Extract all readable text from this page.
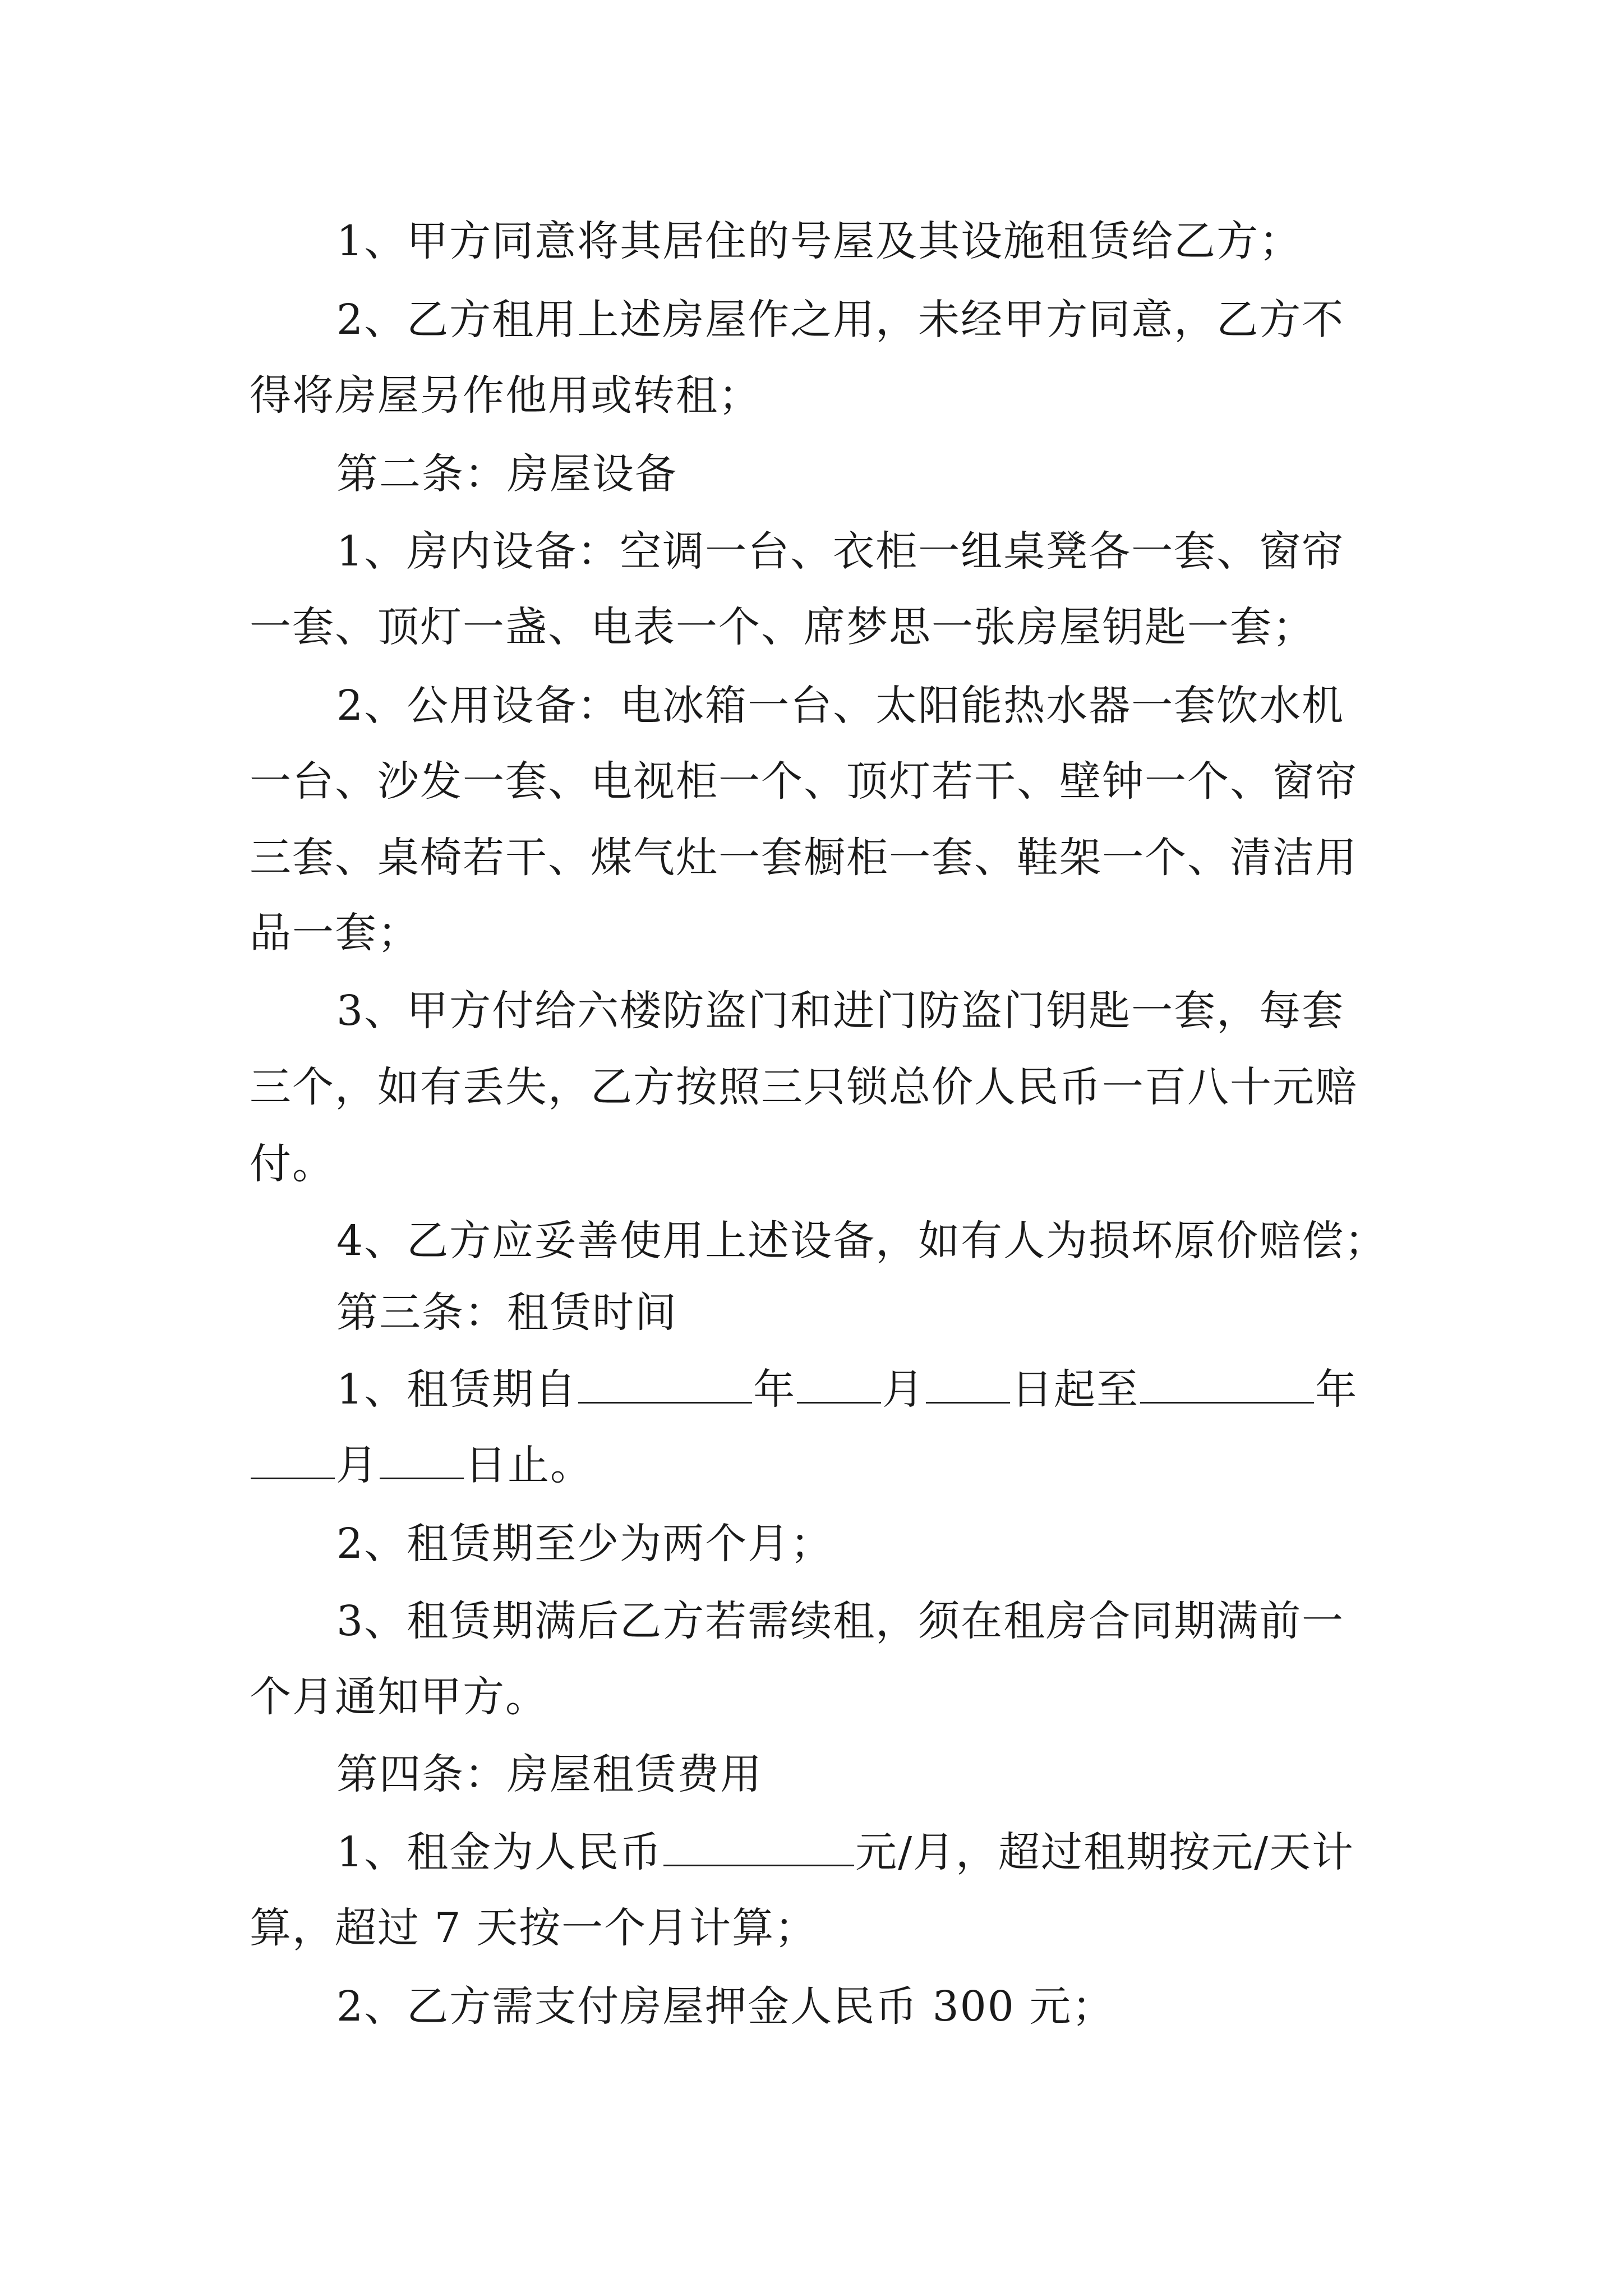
1、甲方同意将其居住的号屋及其设施租赁给乙方；
2、乙方租用上述房屋作之用，未经甲方同意，乙方不
得将房屋另作他用或转租；
第二条：房屋设备
1、房内设备：空调一台、衣柜一组桌凳各一套、窗帘
一套、顶灯一盏、电表一个、席梦思一张房屋钥匙一套；
2、公用设备：电冰箱一台、太阳能热水器一套饮水机
一台、沙发一套、电视柜一个、顶灯若干、壁钟一个、窗帘
三套、桌椅若干、煤气灶一套橱柜一套、鞋架一个、清洁用
品一套；
3、甲方付给六楼防盗门和进门防盗门钥匙一套，每套
三个，如有丢失，乙方按照三只锁总价人民币一百八十元赔
付。
4、乙方应妥善使用上述设备，如有人为损坏原价赔偿；
第三条：租赁时间
1、租赁期自	年 月 日起至	年
月 日止。
2、租赁期至少为两个月；
3、租赁期满后乙方若需续租，须在租房合同期满前一
个月通知甲方。
第四条：房屋租赁费用
1、租金为人民币	元/月，超过租期按元/天计
算，超过 7 天按一个月计算；
2、乙方需支付房屋押金人民币 300 元；
